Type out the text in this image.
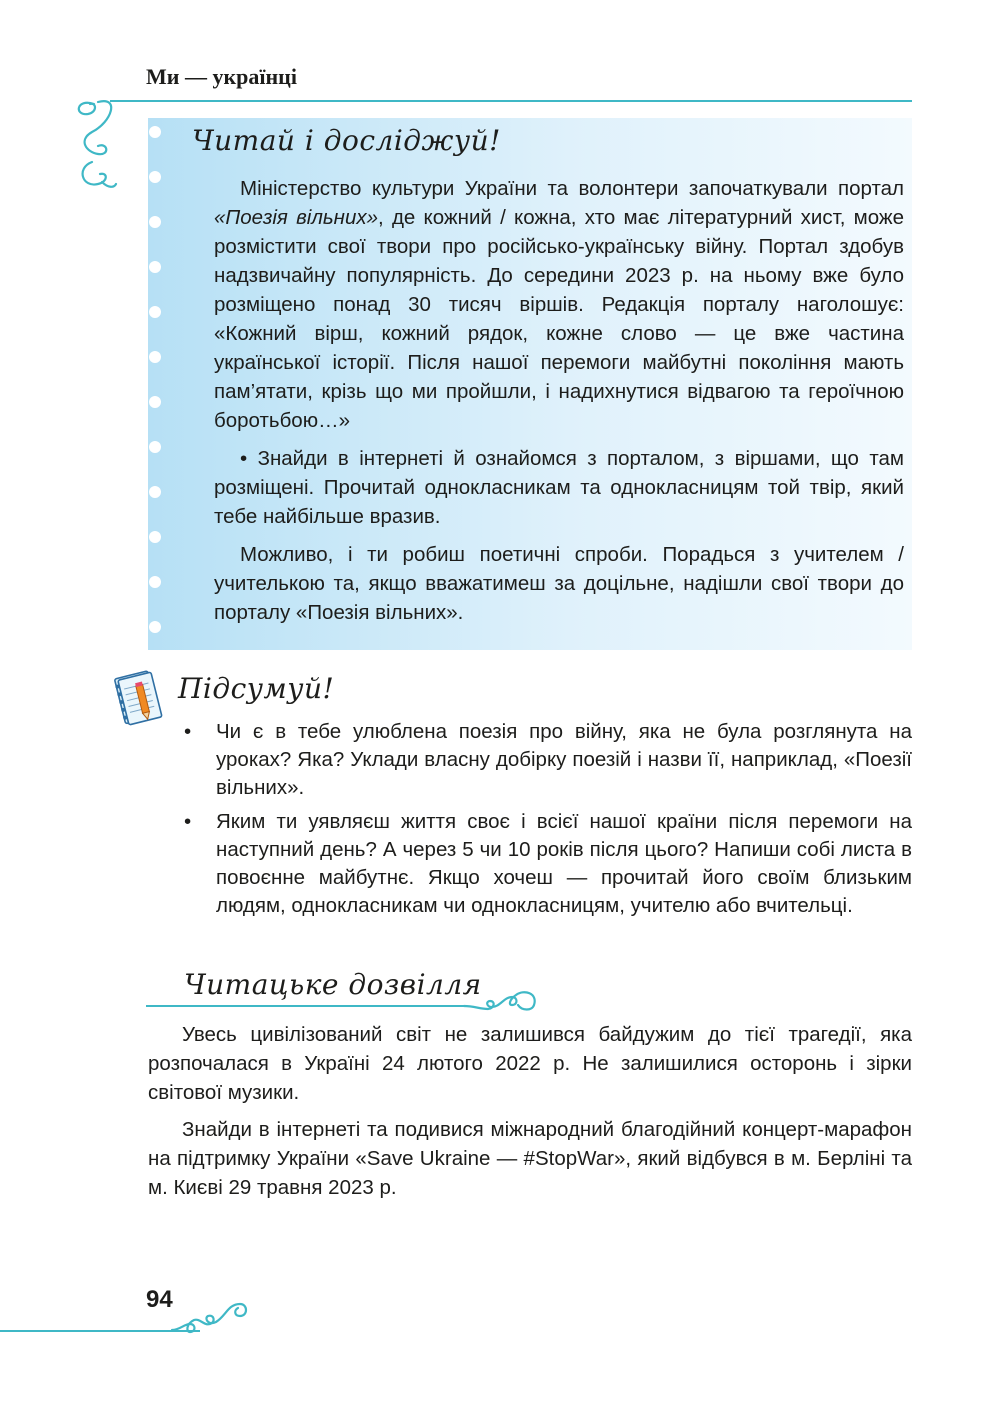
Ми — українці
Читай і досліджуй!

Міністерство культури України та волонтери започаткували портал «Поезія вільних», де кожний / кожна, хто має літературний хист, може розмістити свої твори про російсько-українську війну. Портал здобув надзвичайну популярність. До середини 2023 р. на ньому вже було розміщено понад 30 тисяч віршів. Редакція порталу наголошує: «Кожний вірш, кожний рядок, кожне слово — це вже частина української історії. Після нашої перемоги майбутні покоління мають пам’ятати, крізь що ми пройшли, і надихнутися відвагою та героїчною боротьбою…»

• Знайди в інтернеті й ознайомся з порталом, з віршами, що там розміщені. Прочитай однокласникам та однокласницям той твір, який тебе найбільше вразив.

Можливо, і ти робиш поетичні спроби. Порадься з учителем / учителькою та, якщо вважатимеш за доцільне, надішли свої твори до порталу «Поезія вільних».

Підсумуй!
• Чи є в тебе улюблена поезія про війну, яка не була розглянута на уроках? Яка? Уклади власну добірку поезій і назви її, наприклад, «Поезії вільних».
• Яким ти уявляєш життя своє і всієї нашої країни після перемоги на наступний день? А через 5 чи 10 років після цього? Напиши собі листа в повоєнне майбутнє. Якщо хочеш — прочитай його своїм близьким людям, однокласникам чи однокласницям, учителю або вчительці.
Читацьке дозвілля

Увесь цивілізований світ не залишився байдужим до тієї трагедії, яка розпочалася в Україні 24 лютого 2022 р. Не залишилися осторонь і зірки світової музики.

Знайди в інтернеті та подивися міжнародний благодійний концерт-марафон на підтримку України «Save Ukraine — #StopWar», який відбувся в м. Берліні та м. Києві 29 травня 2023 р.

94
